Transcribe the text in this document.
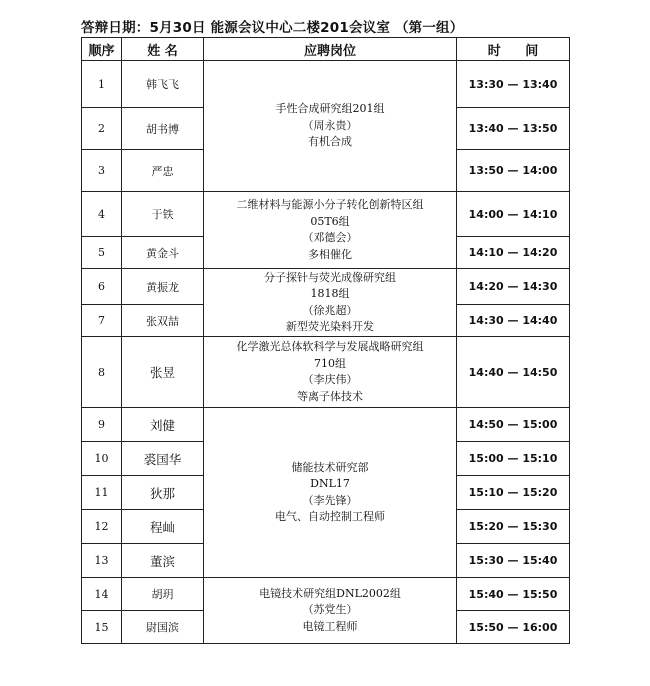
答辩日期：5月30日 能源会议中心二楼201会议室 （第一组）
顺序	姓 名	应聘岗位	时 间
1	韩飞飞	手性合成研究组201组
（周永贵）
有机合成	13:30 — 13:40
2	胡书博		13:40 — 13:50
3	严忠		13:50 — 14:00
4	于铁	二维材料与能源小分子转化创新特区组
05T6组
（邓德会）
多相催化	14:00 — 14:10
5	黄金斗		14:10 — 14:20
6	黄振龙	分子探针与荧光成像研究组
1818组
（徐兆超）
新型荧光染料开发	14:20 — 14:30
7	张双喆		14:30 — 14:40
8	张昱	化学激光总体软科学与发展战略研究组
710组
（李庆伟）
等离子体技术	14:40 — 14:50
9	刘健	储能技术研究部
DNL17
（李先锋）
电气、自动控制工程师	14:50 — 15:00
10	裘国华		15:00 — 15:10
11	狄那		15:10 — 15:20
12	程屾		15:20 — 15:30
13	董滨		15:30 — 15:40
14	胡玥	电镜技术研究组DNL2002组
（苏党生）
电镜工程师	15:40 — 15:50
15	尉国滨		15:50 — 16:00
